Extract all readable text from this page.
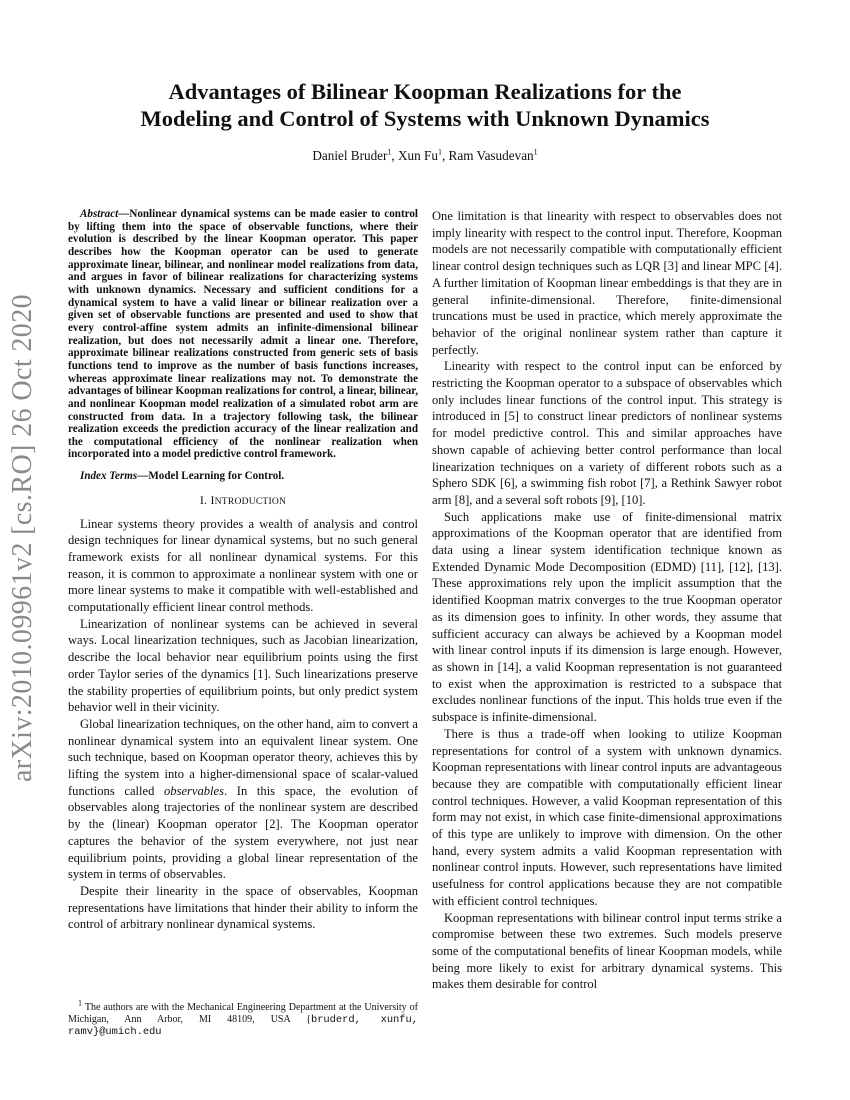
arXiv:2010.09961v2 [cs.RO] 26 Oct 2020
Advantages of Bilinear Koopman Realizations for the
Modeling and Control of Systems with Unknown Dynamics
Daniel Bruder$^1$, Xun Fu$^1$, Ram Vasudevan$^1$

Abstract—Nonlinear dynamical systems can be made easier to control by lifting them into the space of observable functions, where their evolution is described by the linear Koopman operator. This paper describes how the Koopman operator can be used to generate approximate linear, bilinear, and nonlinear model realizations from data, and argues in favor of bilinear realizations for characterizing systems with unknown dynamics. Necessary and sufficient conditions for a dynamical system to have a valid linear or bilinear realization over a given set of observable functions are presented and used to show that every control-affine system admits an infinite-dimensional bilinear realization, but does not necessarily admit a linear one. Therefore, approximate bilinear realizations constructed from generic sets of basis functions tend to improve as the number of basis functions increases, whereas approximate linear realizations may not. To demonstrate the advantages of bilinear Koopman realizations for control, a linear, bilinear, and nonlinear Koopman model realization of a simulated robot arm are constructed from data. In a trajectory following task, the bilinear realization exceeds the prediction accuracy of the linear realization and the computational efficiency of the nonlinear realization when incorporated into a model predictive control framework.

Index Terms—Model Learning for Control.

I. INTRODUCTION

Linear systems theory provides a wealth of analysis and control design techniques for linear dynamical systems, but no such general framework exists for all nonlinear dynamical systems. For this reason, it is common to approximate a nonlinear system with one or more linear systems to make it compatible with well-established and computationally efficient linear control methods.

Linearization of nonlinear systems can be achieved in several ways. Local linearization techniques, such as Jacobian linearization, describe the local behavior near equilibrium points using the first order Taylor series of the dynamics [1]. Such linearizations preserve the stability properties of equilibrium points, but only predict system behavior well in their vicinity.

Global linearization techniques, on the other hand, aim to convert a nonlinear dynamical system into an equivalent linear system. One such technique, based on Koopman operator theory, achieves this by lifting the system into a higher-dimensional space of scalar-valued functions called observables. In this space, the evolution of observables along trajectories of the nonlinear system are described by the (linear) Koopman operator [2]. The Koopman operator captures the behavior of the system everywhere, not just near equilibrium points, providing a global linear representation of the system in terms of observables.

Despite their linearity in the space of observables, Koopman representations have limitations that hinder their ability to inform the control of arbitrary nonlinear dynamical systems.

$^1$ The authors are with the Mechanical Engineering Department at the University of Michigan, Ann Arbor, MI 48109, USA {bruderd, xunfu, ramv}@umich.edu

One limitation is that linearity with respect to observables does not imply linearity with respect to the control input. Therefore, Koopman models are not necessarily compatible with computationally efficient linear control design techniques such as LQR [3] and linear MPC [4]. A further limitation of Koopman linear embeddings is that they are in general infinite-dimensional. Therefore, finite-dimensional truncations must be used in practice, which merely approximate the behavior of the original nonlinear system rather than capture it perfectly.

Linearity with respect to the control input can be enforced by restricting the Koopman operator to a subspace of observables which only includes linear functions of the control input. This strategy is introduced in [5] to construct linear predictors of nonlinear systems for model predictive control. This and similar approaches have shown capable of achieving better control performance than local linearization techniques on a variety of different robots such as a Sphero SDK [6], a swimming fish robot [7], a Rethink Sawyer robot arm [8], and a several soft robots [9], [10].

Such applications make use of finite-dimensional matrix approximations of the Koopman operator that are identified from data using a linear system identification technique known as Extended Dynamic Mode Decomposition (EDMD) [11], [12], [13]. These approximations rely upon the implicit assumption that the identified Koopman matrix converges to the true Koopman operator as its dimension goes to infinity. In other words, they assume that sufficient accuracy can always be achieved by a Koopman model with linear control inputs if its dimension is large enough. However, as shown in [14], a valid Koopman representation is not guaranteed to exist when the approximation is restricted to a subspace that excludes nonlinear functions of the input. This holds true even if the subspace is infinite-dimensional.

There is thus a trade-off when looking to utilize Koopman representations for control of a system with unknown dynamics. Koopman representations with linear control inputs are advantageous because they are compatible with computationally efficient linear control techniques. However, a valid Koopman representation of this form may not exist, in which case finite-dimensional approximations of this type are unlikely to improve with dimension. On the other hand, every system admits a valid Koopman representation with nonlinear control inputs. However, such representations have limited usefulness for control applications because they are not compatible with efficient control techniques.

Koopman representations with bilinear control input terms strike a compromise between these two extremes. Such models preserve some of the computational benefits of linear Koopman models, while being more likely to exist for arbitrary dynamical systems. This makes them desirable for control
